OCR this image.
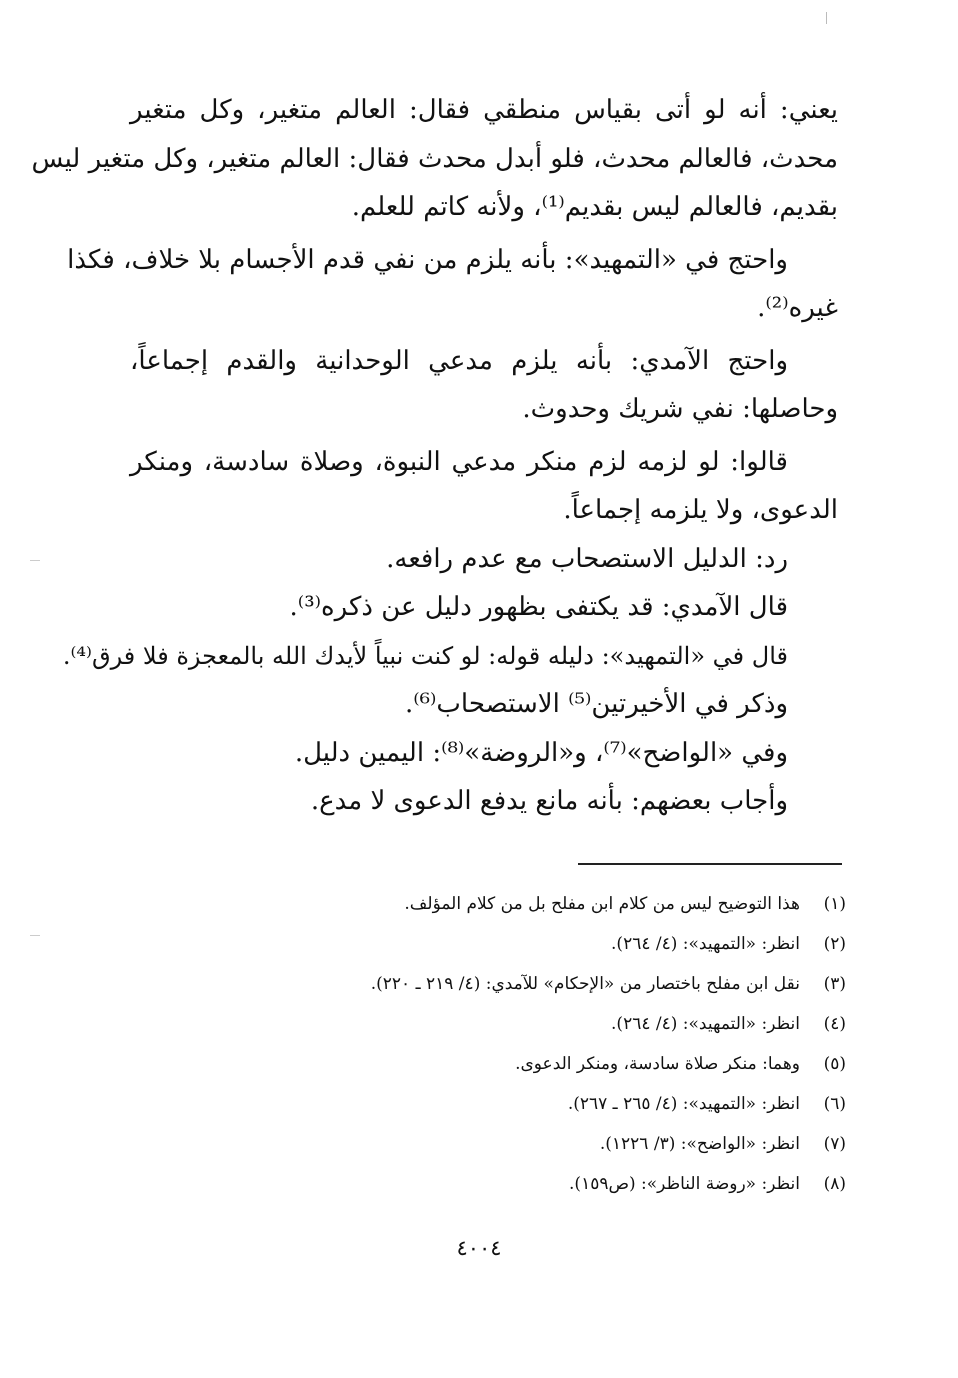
يعني: أنه لو أتى بقياس منطقي فقال: العالم متغير، وكل متغير
محدث، فالعالم محدث، فلو أبدل محدث فقال: العالم متغير، وكل متغير ليس
بقديم، فالعالم ليس بقديم⁽¹⁾، ولأنه كاتم للعلم.
واحتج في «التمهيد»: بأنه يلزم من نفي قدم الأجسام بلا خلاف، فكذا
غيره⁽²⁾.
واحتج الآمدي: بأنه يلزم مدعي الوحدانية والقدم إجماعاً،
وحاصلها: نفي شريك وحدوث.
قالوا: لو لزمه لزم منكر مدعي النبوة، وصلاة سادسة، ومنكر
الدعوى، ولا يلزمه إجماعاً.
رد: الدليل الاستصحاب مع عدم رافعه.
قال الآمدي: قد يكتفى بظهور دليل عن ذكره⁽³⁾.
قال في «التمهيد»: دليله قوله: لو كنت نبياً لأيدك الله بالمعجزة فلا فرق⁽⁴⁾.
وذكر في الأخيرتين⁽⁵⁾ الاستصحاب⁽⁶⁾.
وفي «الواضح»⁽⁷⁾، و«الروضة»⁽⁸⁾: اليمين دليل.
وأجاب بعضهم: بأنه مانع يدفع الدعوى لا مدع.
(١)
هذا التوضيح ليس من كلام ابن مفلح بل من كلام المؤلف.
(٢)
انظر: «التمهيد»: (٤/ ٢٦٤).
(٣)
نقل ابن مفلح باختصار من «الإحكام» للآمدي: (٤/ ٢١٩ ـ ٢٢٠).
(٤)
انظر: «التمهيد»: (٤/ ٢٦٤).
(٥)
وهما: منكر صلاة سادسة، ومنكر الدعوى.
(٦)
انظر: «التمهيد»: (٤/ ٢٦٥ ـ ٢٦٧).
(٧)
انظر: «الواضح»: (٣/ ١٢٢٦).
(٨)
انظر: «روضة الناظر»: (ص١٥٩).
٤٠٠٤
